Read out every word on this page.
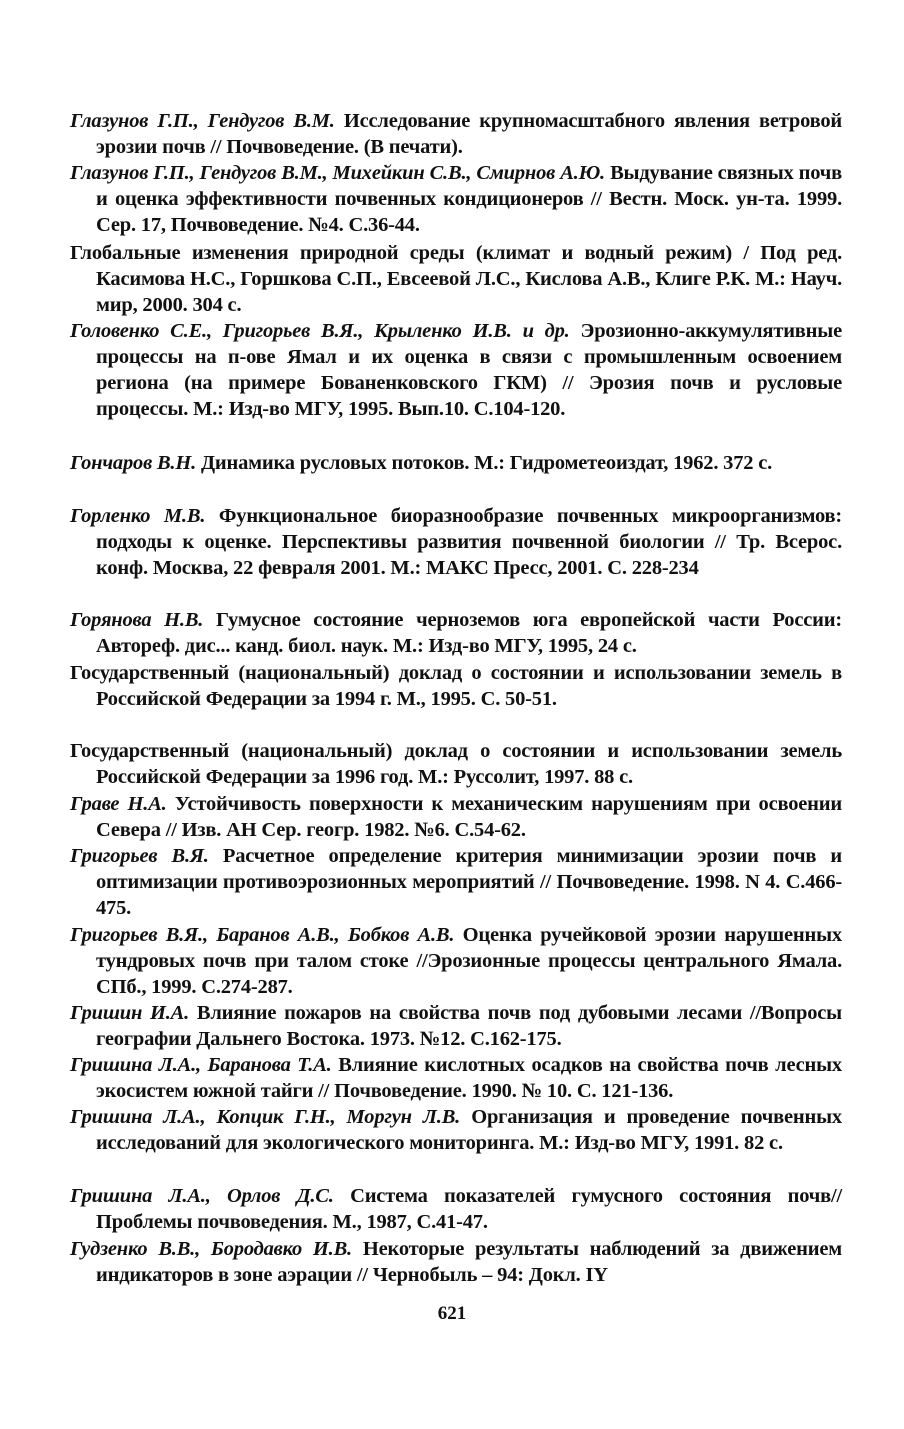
Глазунов Г.П., Гендугов В.М. Исследование крупномасштабного явления ветровой эрозии почв // Почвоведение. (В печати).
Глазунов Г.П., Гендугов В.М., Михейкин С.В., Смирнов А.Ю. Выдувание связных почв и оценка эффективности почвенных кондиционеров // Вестн. Моск. ун-та. 1999. Сер. 17, Почвоведение. №4. С.36-44.
Глобальные изменения природной среды (климат и водный режим) / Под ред. Касимова Н.С., Горшкова С.П., Евсеевой Л.С., Кислова А.В., Клиге Р.К. М.: Науч. мир, 2000. 304 с.
Головенко С.Е., Григорьев В.Я., Крыленко И.В. и др. Эрозионно-аккумулятивные процессы на п-ове Ямал и их оценка в связи с промышленным освоением региона (на примере Бованенковского ГКМ) // Эрозия почв и русловые процессы. М.: Изд-во МГУ, 1995. Вып.10. С.104-120.
Гончаров В.Н. Динамика русловых потоков. М.: Гидрометеоиздат, 1962. 372 с.
Горленко М.В. Функциональное биоразнообразие почвенных микроорганизмов: подходы к оценке. Перспективы развития почвенной биологии // Тр. Всерос. конф. Москва, 22 февраля 2001. М.: МАКС Пресс, 2001. С. 228-234
Горянова Н.В. Гумусное состояние черноземов юга европейской части России: Автореф. дис... канд. биол. наук. М.: Изд-во МГУ, 1995, 24 с.
Государственный (национальный) доклад о состоянии и использовании земель в Российской Федерации за 1994 г. М., 1995. С. 50-51.
Государственный (национальный) доклад о состоянии и использовании земель Российской Федерации за 1996 год. М.: Руссолит, 1997. 88 с.
Граве Н.А. Устойчивость поверхности к механическим нарушениям при освоении Севера // Изв. АН Сер. геогр. 1982. №6. С.54-62.
Григорьев В.Я. Расчетное определение критерия минимизации эрозии почв и оптимизации противоэрозионных мероприятий // Почвоведение. 1998. N 4. С.466-475.
Григорьев В.Я., Баранов А.В., Бобков А.В. Оценка ручейковой эрозии нарушенных тундровых почв при талом стоке //Эрозионные процессы центрального Ямала. СПб., 1999. С.274-287.
Гришин И.А. Влияние пожаров на свойства почв под дубовыми лесами //Вопросы географии Дальнего Востока. 1973. №12. С.162-175.
Гришина Л.А., Баранова Т.А. Влияние кислотных осадков на свойства почв лесных экосистем южной тайги // Почвоведение. 1990. № 10. С. 121-136.
Гришина Л.А., Копцик Г.Н., Моргун Л.В. Организация и проведение почвенных исследований для экологического мониторинга. М.: Изд-во МГУ, 1991. 82 с.
Гришина Л.А., Орлов Д.С. Система показателей гумусного состояния почв//Проблемы почвоведения. М., 1987, С.41-47.
Гудзенко В.В., Бородавко И.В. Некоторые результаты наблюдений за движением индикаторов в зоне аэрации // Чернобыль – 94: Докл. IY
621
